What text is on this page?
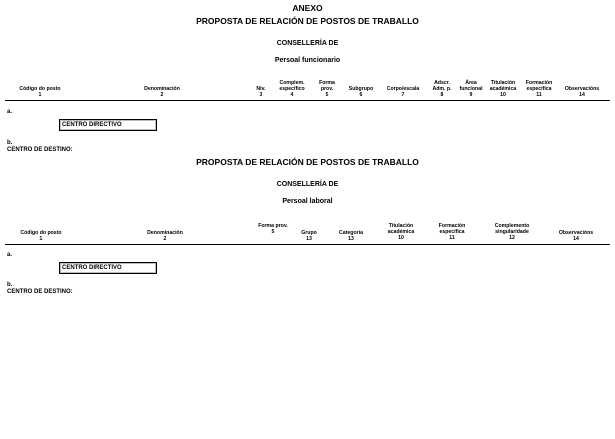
ANEXO
PROPOSTA DE RELACIÓN DE POSTOS DE TRABALLO
CONSELLERÍA DE
Persoal funcionario
Código do posto
1
Denominación
2
Niv.
3
Complem. específico
4
Forma prov.
5
Subgrupo
6
Corpo/escala
7
Adscr. Adm. p.
8
Área funcional
9
Titulación académica
10
Formación específica
11
Observacións
14
a.
CENTRO DIRECTIVO
b.
CENTRO DE DESTINO:
PROPOSTA DE RELACIÓN DE POSTOS DE TRABALLO
CONSELLERÍA DE
Persoal laboral
Código do posto
1
Denominación
2
Forma prov.
5	Grupo
13
Categoría
13
Titulación académica
10
Formación específica
11
Complemento singularidade
12
Observacións
14
a.
CENTRO DIRECTIVO
b.
CENTRO DE DESTINO:
